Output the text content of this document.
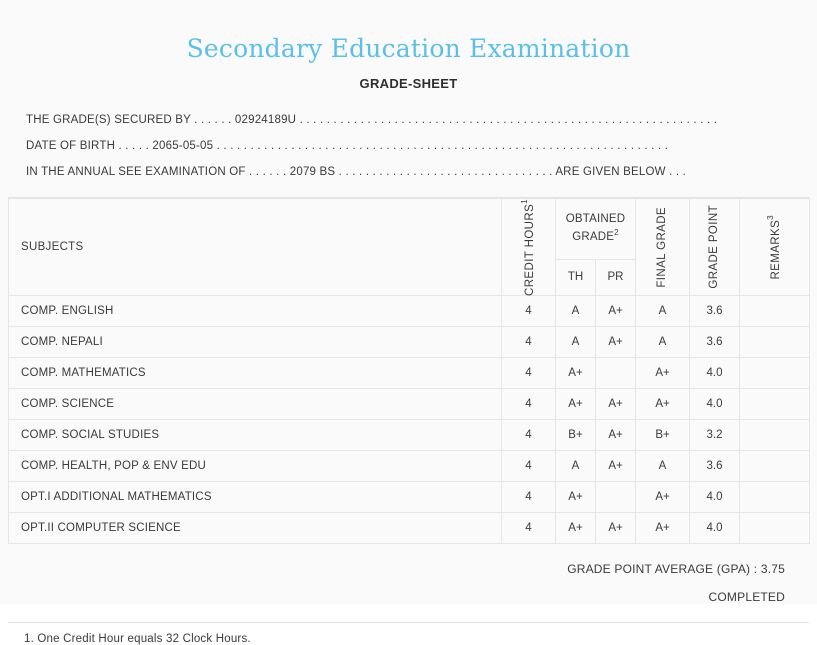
Secondary Education Examination
GRADE-SHEET
THE GRADE(S) SECURED BY . . . . . . 02924189U . . . . . . . . . . . . . . . . . . . . . . . . . . . . . . . . . . . . . . . . . . . . . . . . . . . . . . . . . . . . . .
DATE OF BIRTH . . . . . 2065-05-05 . . . . . . . . . . . . . . . . . . . . . . . . . . . . . . . . . . . . . . . . . . . . . . . . . . . . . . . . . . . . . . . . . . .
IN THE ANNUAL SEE EXAMINATION OF . . . . . . 2079 BS . . . . . . . . . . . . . . . . . . . . . . . . . . . . . . . . ARE GIVEN BELOW . . .
SUBJECTS	CREDIT HOURS$^1$	OBTAINED GRADE$^2$		FINAL GRADE	GRADE POINT	REMARKS$^3$

		TH	PR			
COMP. ENGLISH	4	A	A+	A	3.6	
COMP. NEPALI	4	A	A+	A	3.6	
COMP. MATHEMATICS	4	A+		A+	4.0	
COMP. SCIENCE	4	A+	A+	A+	4.0	
COMP. SOCIAL STUDIES	4	B+	A+	B+	3.2	
COMP. HEALTH, POP & ENV EDU	4	A	A+	A	3.6	
OPT.I ADDITIONAL MATHEMATICS	4	A+		A+	4.0	
OPT.II COMPUTER SCIENCE	4	A+	A+	A+	4.0	
GRADE POINT AVERAGE (GPA) : 3.75
COMPLETED
1. One Credit Hour equals 32 Clock Hours.
